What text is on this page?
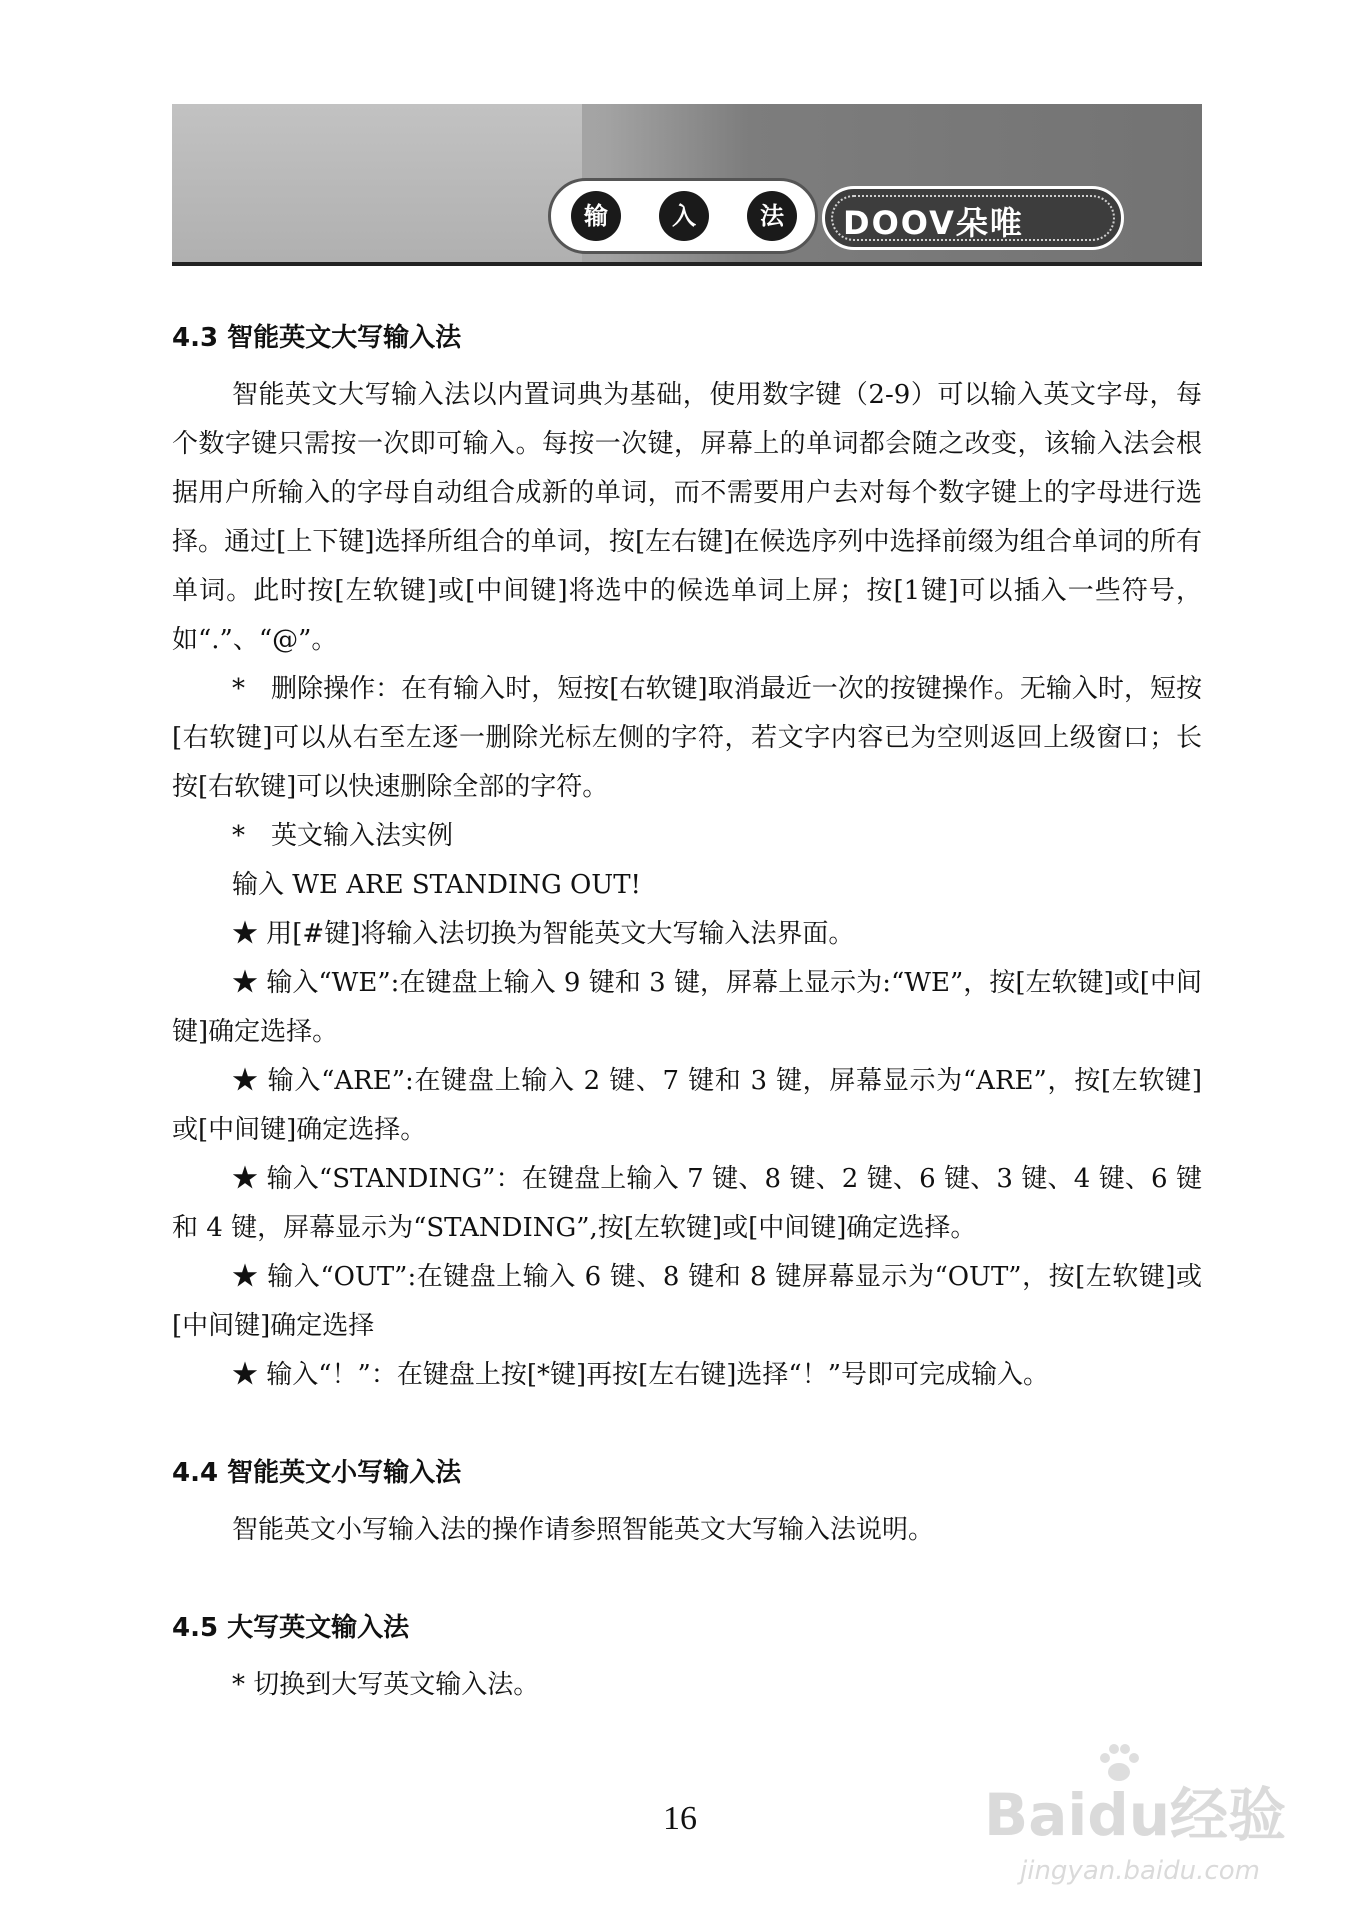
输	入	法	DOOV朵唯
4.3 智能英文大写输入法

智能英文大写输入法以内置词典为基础，使用数字键（2-9）可以输入英文字母，每个数字键只需按一次即可输入。每按一次键，屏幕上的单词都会随之改变，该输入法会根据用户所输入的字母自动组合成新的单词，而不需要用户去对每个数字键上的字母进行选择。通过[上下键]选择所组合的单词，按[左右键]在候选序列中选择前缀为组合单词的所有单词。此时按[左软键]或[中间键]将选中的候选单词上屏；按[1键]可以插入一些符号，如“.”、“@”。

*　删除操作：在有输入时，短按[右软键]取消最近一次的按键操作。无输入时，短按[右软键]可以从右至左逐一删除光标左侧的字符，若文字内容已为空则返回上级窗口；长按[右软键]可以快速删除全部的字符。

*　英文输入法实例

输入 WE ARE STANDING OUT!

★ 用[#键]将输入法切换为智能英文大写输入法界面。

★ 输入“WE”:在键盘上输入 9 键和 3 键，屏幕上显示为:“WE”，按[左软键]或[中间键]确定选择。

★ 输入“ARE”:在键盘上输入 2 键、7 键和 3 键，屏幕显示为“ARE”，按[左软键]或[中间键]确定选择。

★ 输入“STANDING”：在键盘上输入 7 键、8 键、2 键、6 键、3 键、4 键、6 键和 4 键，屏幕显示为“STANDING”,按[左软键]或[中间键]确定选择。

★ 输入“OUT”:在键盘上输入 6 键、8 键和 8 键屏幕显示为“OUT”，按[左软键]或[中间键]确定选择

★ 输入“！”：在键盘上按[*键]再按[左右键]选择“！”号即可完成输入。

4.4 智能英文小写输入法

智能英文小写输入法的操作请参照智能英文大写输入法说明。

4.5 大写英文输入法

* 切换到大写英文输入法。

16	Baidu经验
jingyan.baidu.com
